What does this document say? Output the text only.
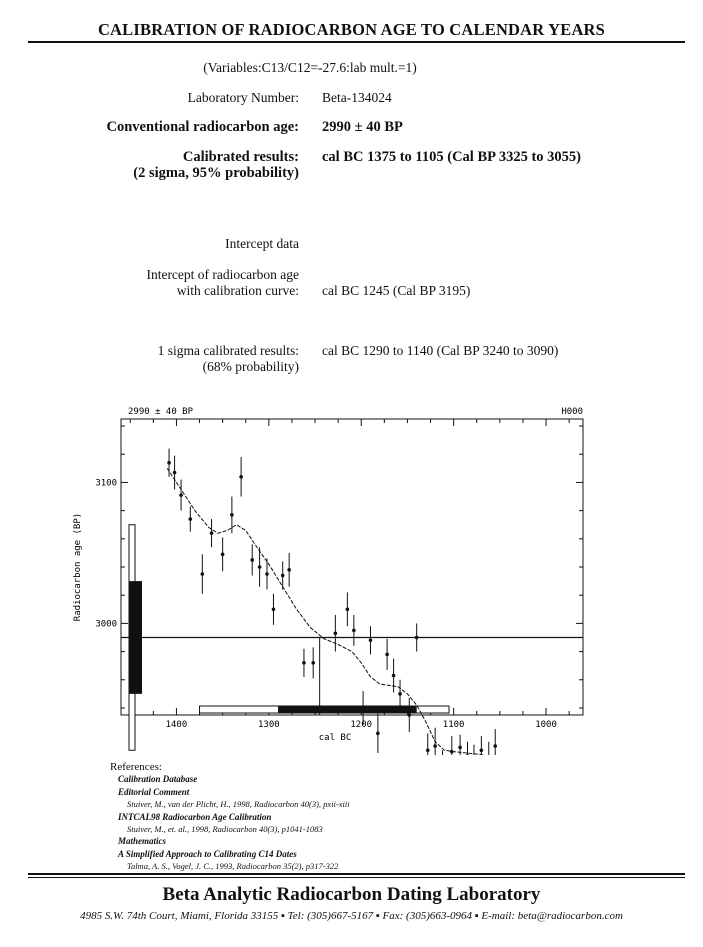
CALIBRATION OF RADIOCARBON AGE TO CALENDAR YEARS
(Variables:C13/C12=-27.6:lab mult.=1)
Laboratory Number: Beta-134024
Conventional radiocarbon age: 2990 ± 40 BP
Calibrated results:
(2 sigma, 95% probability)
cal BC 1375 to 1105 (Cal BP 3325 to 3055)
Intercept data
Intercept of radiocarbon age
with calibration curve: cal BC 1245 (Cal BP 3195)
1 sigma calibrated results:
(68% probability)
cal BC 1290 to 1140 (Cal BP 3240 to 3090)
2990 ± 40 BP	H000
1400	1300	1200	1100	1000
3100
3000
cal BC
Radiocarbon age (BP)
References:
Calibration Database
Editorial Comment
Stuiver, M., van der Plicht, H., 1998, Radiocarbon 40(3), pxii-xiii
INTCAL98 Radiocarbon Age Calibration
Stuiver, M., et. al., 1998, Radiocarbon 40(3), p1041-1083
Mathematics
A Simplified Approach to Calibrating C14 Dates
Talma, A. S., Vogel, J. C., 1993, Radiocarbon 35(2), p317-322
Beta Analytic Radiocarbon Dating Laboratory
4985 S.W. 74th Court, Miami, Florida 33155 ▪ Tel: (305)667-5167 ▪ Fax: (305)663-0964 ▪ E-mail: beta@radiocarbon.com
